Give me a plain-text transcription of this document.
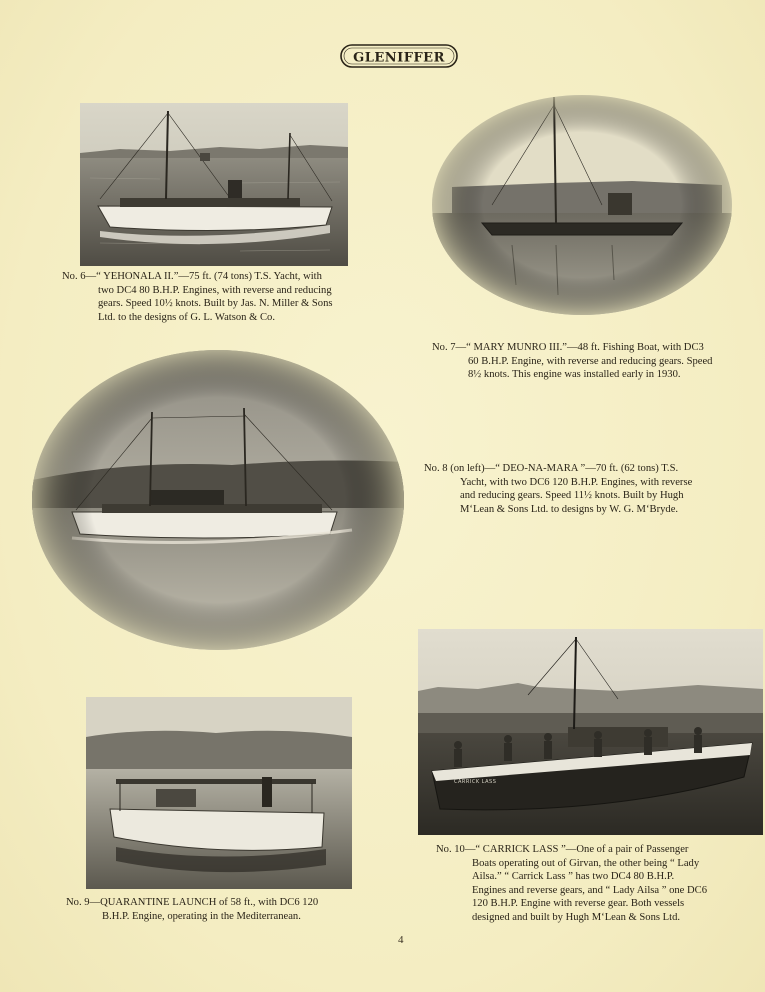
GLENIFFER
No. 6—“ YEHONALA II.”—75 ft. (74 tons) T.S. Yacht, with
two DC4 80 B.H.P. Engines, with reverse and reducing
gears. Speed 10½ knots. Built by Jas. N. Miller & Sons
Ltd. to the designs of G. L. Watson & Co.
No. 7—“ MARY MUNRO III.”—48 ft. Fishing Boat, with DC3
60 B.H.P. Engine, with reverse and reducing gears. Speed
8½ knots. This engine was installed early in 1930.
No. 8 (on left)—“ DEO-NA-MARA ”—70 ft. (62 tons) T.S.
Yacht, with two DC6 120 B.H.P. Engines, with reverse
and reducing gears. Speed 11½ knots. Built by Hugh
M‘Lean & Sons Ltd. to designs by W. G. M‘Bryde.
No. 9—QUARANTINE LAUNCH of 58 ft., with DC6 120
B.H.P. Engine, operating in the Mediterranean.
CARRICK LASS
No. 10—“ CARRICK LASS ”—One of a pair of Passenger
Boats operating out of Girvan, the other being “ Lady
Ailsa.” “ Carrick Lass ” has two DC4 80 B.H.P.
Engines and reverse gears, and “ Lady Ailsa ” one DC6
120 B.H.P. Engine with reverse gear. Both vessels
designed and built by Hugh M‘Lean & Sons Ltd.
4
